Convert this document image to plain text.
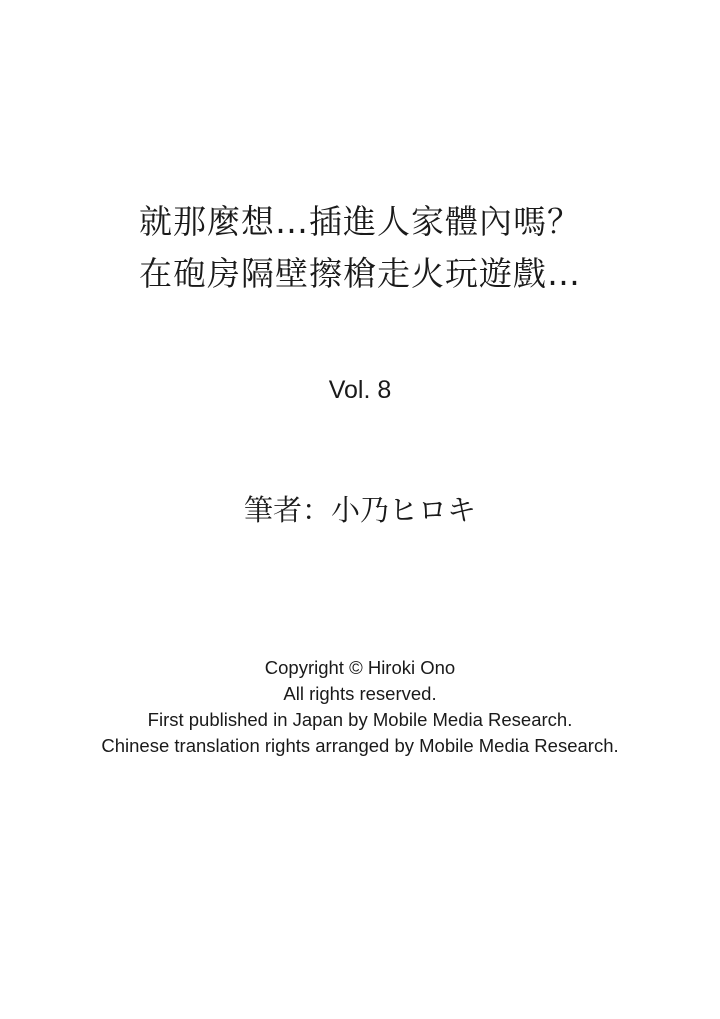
就那麼想…插進人家體內嗎？
在砲房隔壁擦槍走火玩遊戲…
Vol. 8
筆者：小乃ヒロキ
Copyright © Hiroki Ono
All rights reserved.
First published in Japan by Mobile Media Research.
Chinese translation rights arranged by Mobile Media Research.
